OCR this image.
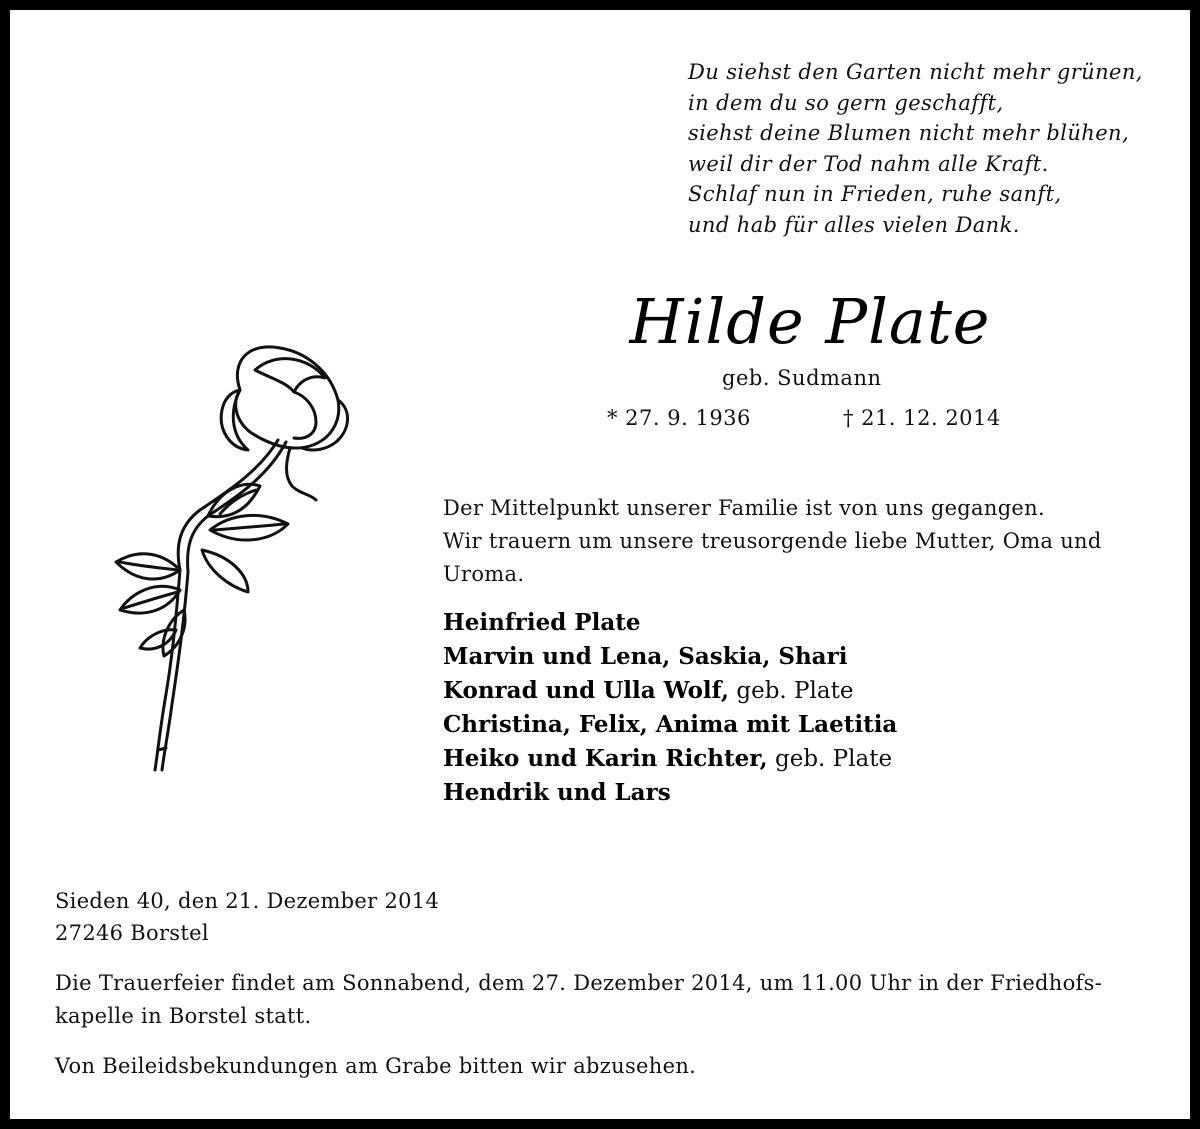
Du siehst den Garten nicht mehr grünen,
in dem du so gern geschafft,
siehst deine Blumen nicht mehr blühen,
weil dir der Tod nahm alle Kraft.
Schlaf nun in Frieden, ruhe sanft,
und hab für alles vielen Dank.
Hilde Plate
geb. Sudmann
* 27. 9. 1936	† 21. 12. 2014
Der Mittelpunkt unserer Familie ist von uns gegangen.
Wir trauern um unsere treusorgende liebe Mutter, Oma und
Uroma.
Heinfried Plate
Marvin und Lena, Saskia, Shari
Konrad und Ulla Wolf, geb. Plate
Christina, Felix, Anima mit Laetitia
Heiko und Karin Richter, geb. Plate
Hendrik und Lars
Sieden 40, den 21. Dezember 2014
27246 Borstel
Die Trauerfeier findet am Sonnabend, dem 27. Dezember 2014, um 11.00 Uhr in der Friedhofs-
kapelle in Borstel statt.
Von Beileidsbekundungen am Grabe bitten wir abzusehen.
